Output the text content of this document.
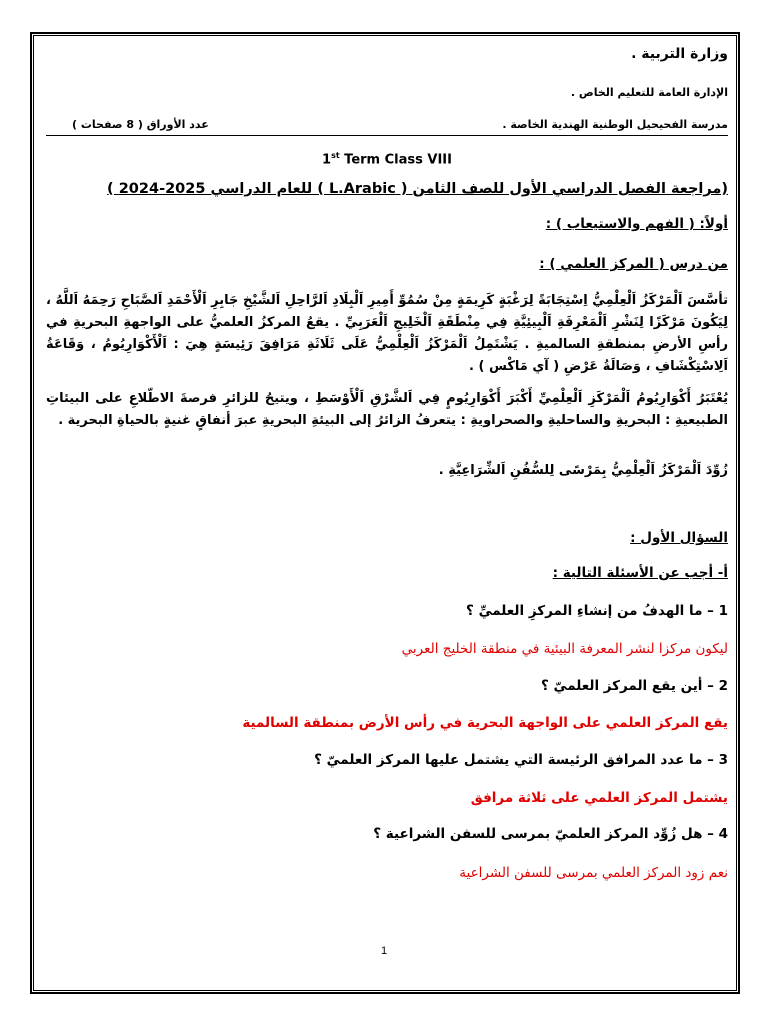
وزارة التربية .
الإدارة العامة للتعليم الخاص .
مدرسة الفحيحيل الوطنية الهندية الخاصة .
عدد الأوراق ( 8 صفحات )
1st Term Class VIII
(مراجعة الفصل الدراسي الأول للصف الثامن ( L.Arabic ) للعام الدراسي 2025-2024 )
أولاً: ( الفهم والاستيعاب ) :
من درس ( المركز العلمي ) :
تأسَّسَ اَلْمَرْكَزُ اَلْعِلْمِيُّ اِسْتِجَابَةً لِرَغْبَةٍ كَرِيمَةٍ مِنْ سُمُوِّ أَمِيرِ اَلْبِلَادِ اَلرَّاحِلِ اَلشَّيْخِ جَابِرِ اَلْأَحْمَدِ اَلصَّبَاحِ رَحِمَهُ اَللَّهُ ، لِيَكُونَ مَرْكَزًا لِنَشْرِ اَلْمَعْرِفَةِ اَلْبِيئِيَّةِ فِي مِنْطَقَةِ اَلْخَلِيجِ اَلْعَرَبِيِّ . يقعُ المركزُ العلميُّ على الواجهةِ البحريةِ في رأسِ الأرضِ بمنطقةِ السالميةِ . يَشْتَمِلُ اَلْمَرْكَزُ اَلْعِلْمِيُّ عَلَى ثَلَاثَةِ مَرَافِقَ رَئِيسَةٍ هِيَ : اَلْأَكْوَارِيُومُ ، وَقَاعَةُ اَلِاسْتِكْشَافِ ، وَصَالَةُ عَرْضِ ( آي مَاكْس ) .
يُعْتَبَرُ أَكْوَارِيُومُ اَلْمَرْكَزِ اَلْعِلْمِيِّ أَكْبَرَ أَكْوَارِيُومٍ فِي اَلشَّرْقِ اَلْأَوْسَطِ ، ويتيحُ للزائرِ فرصةَ الاطّلاعِ على البيئاتِ الطبيعيةِ : البحريةِ والساحليةِ والصحراويةِ : يتعرفُ الزائرُ إلى البيئةِ البحريةِ عبرَ أنفاقٍ غنيةٍ بالحياةِ البحرية .
زُوِّدَ اَلْمَرْكَزُ اَلْعِلْمِيُّ بِمَرْسًى لِلسُّفُنِ اَلشِّرَاعِيَّةِ .
السؤال الأول :
أ- أجب عن الأسئلة التالية :
1 – ما الهدفُ من إنشاءِ المركزِ العلميِّ ؟
ليكون مركزا لنشر المعرفة البيئية في منطقة الخليج العربي
2 – أين يقع المركز العلميّ ؟
يقع المركز العلمي على الواجهة البحرية في رأس الأرض بمنطقة السالمية
3 – ما عدد المرافق الرئيسة التي يشتمل عليها المركز العلميّ ؟
يشتمل المركز العلمي على ثلاثة مرافق
4 – هل زُوِّد المركز العلميّ بمرسى للسفن الشراعية ؟
نعم زود المركز العلمي بمرسى للسفن الشراعية
1
